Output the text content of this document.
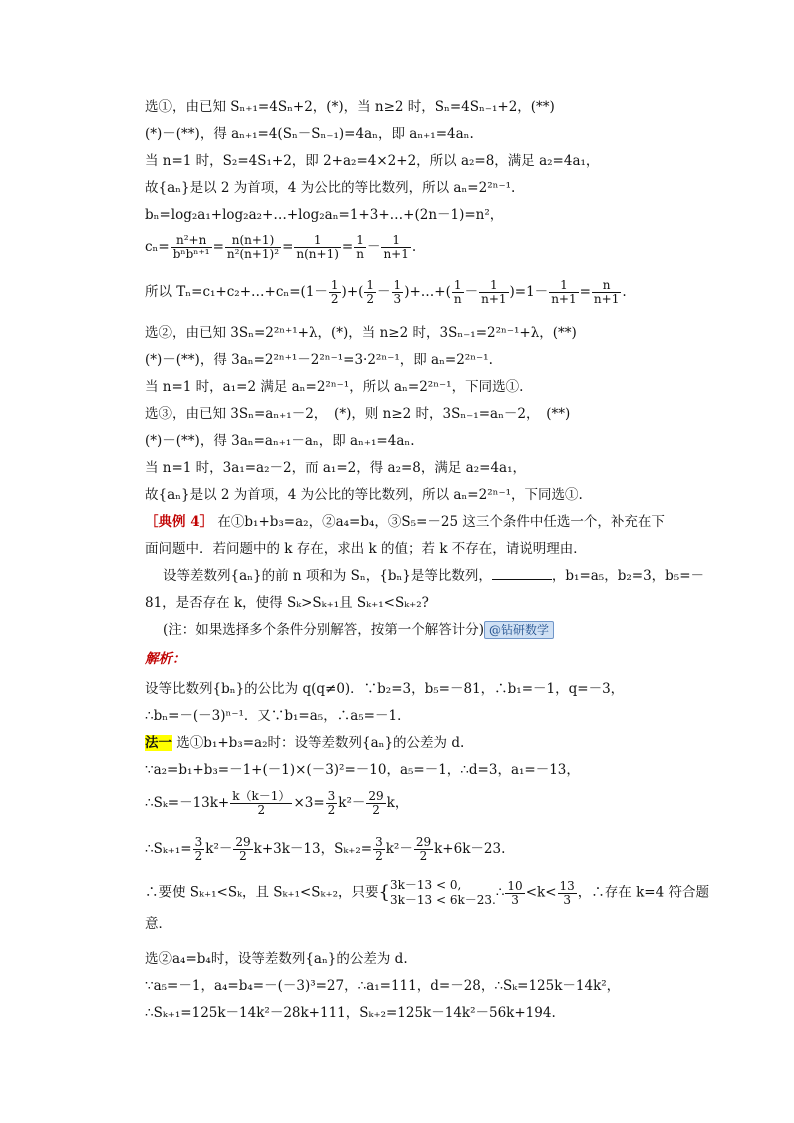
选①，由已知 Sₙ₊₁=4Sₙ+2，(*)，当 n≥2 时，Sₙ=4Sₙ₋₁+2，(**)
(*)－(**)，得 aₙ₊₁=4(Sₙ－Sₙ₋₁)=4aₙ，即 aₙ₊₁=4aₙ.
当 n=1 时，S₂=4S₁+2，即 2+a₂=4×2+2，所以 a₂=8，满足 a₂=4a₁，
故{aₙ}是以 2 为首项，4 为公比的等比数列，所以 aₙ=2²ⁿ⁻¹.
bₙ=log₂a₁+log₂a₂+…+log₂aₙ=1+3+…+(2n－1)=n²，
$c_n= \frac{\text{n²+n}}{\text{bⁿbⁿ⁺¹}} = \frac{n(n+1)}{\text{n²(n+1)²}} = \frac{1}{n(n+1)} = \frac{1}{n} - \frac{1}{n+1}$ .
所以 Tₙ=c₁+c₂+…+cₙ=(1－ $\frac{1}{2}$ )+( $\frac{1}{2} - \frac{1}{3}$ )+…+( $\frac{1}{n} - \frac{1}{n+1} )=1- \frac{1}{n+1} = \frac{n}{n+1}$ .
选②，由已知 3Sₙ=2²ⁿ⁺¹+λ，(*)，当 n≥2 时，3Sₙ₋₁=2²ⁿ⁻¹+λ，(**)
(*)－(**)，得 3aₙ=2²ⁿ⁺¹－2²ⁿ⁻¹=3·2²ⁿ⁻¹，即 aₙ=2²ⁿ⁻¹.
当 n=1 时，a₁=2 满足 aₙ=2²ⁿ⁻¹，所以 aₙ=2²ⁿ⁻¹，下同选①.
选③，由已知 3Sₙ=aₙ₊₁－2，　(*)，则 n≥2 时，3Sₙ₋₁=aₙ－2，　(**)
(*)－(**)，得 3aₙ=aₙ₊₁－aₙ，即 aₙ₊₁=4aₙ.
当 n=1 时，3a₁=a₂－2，而 a₁=2，得 a₂=8，满足 a₂=4a₁，
故{aₙ}是以 2 为首项，4 为公比的等比数列，所以 aₙ=2²ⁿ⁻¹，下同选①.
［典例 4］ 在①b₁+b₃=a₂，②a₄=b₄，③S₅=－25 这三个条件中任选一个，补充在下
面问题中．若问题中的 k 存在，求出 k 的值；若 k 不存在，请说明理由．
设等差数列{aₙ}的前 n 项和为 Sₙ，{bₙ}是等比数列，	，b₁=a₅，b₂=3，b₅=－
81，是否存在 k，使得 Sₖ>Sₖ₊₁且 Sₖ₊₁<Sₖ₊₂?
(注：如果选择多个条件分别解答，按第一个解答计分) @钻研数学
解析：
设等比数列{bₙ}的公比为 q(q≠0)．∵b₂=3，b₅=－81，∴b₁=－1，q=－3，
∴bₙ=－(－3)ⁿ⁻¹．又∵b₁=a₅，∴a₅=－1．
法一 选①b₁+b₃=a₂时：设等差数列{aₙ}的公差为 d.
∵a₂=b₁+b₃=－1+(－1)×(－3)²=－10，a₅=－1，∴d=3，a₁=－13，
∴Sₖ=－13k+ $\frac{k(k-1)}{2} \times 3= \frac{3}{2} k^2- \frac{29}{2}$ k，
∴Sₖ₊₁= $\frac{3}{2} k^2- \frac{29}{2} k+3k-13$，$S_{k+2}= \frac{3}{2} k^2- \frac{29}{2} k+6k-23$.
∴要使 Sₖ₊₁<Sₖ，且 Sₖ₊₁<Sₖ₊₂，只要{ 3k－13 < 0,
3k－13 < 6k－23. ∴ $\frac{10}{3} <k< \frac{13}{3}$ ，∴存在 k=4 符合题
意．
选②a₄=b₄时，设等差数列{aₙ}的公差为 d.
∵a₅=－1，a₄=b₄=－(－3)³=27，∴a₁=111，d=－28，∴Sₖ=125k－14k²，
∴Sₖ₊₁=125k－14k²－28k+111，Sₖ₊₂=125k－14k²－56k+194.
